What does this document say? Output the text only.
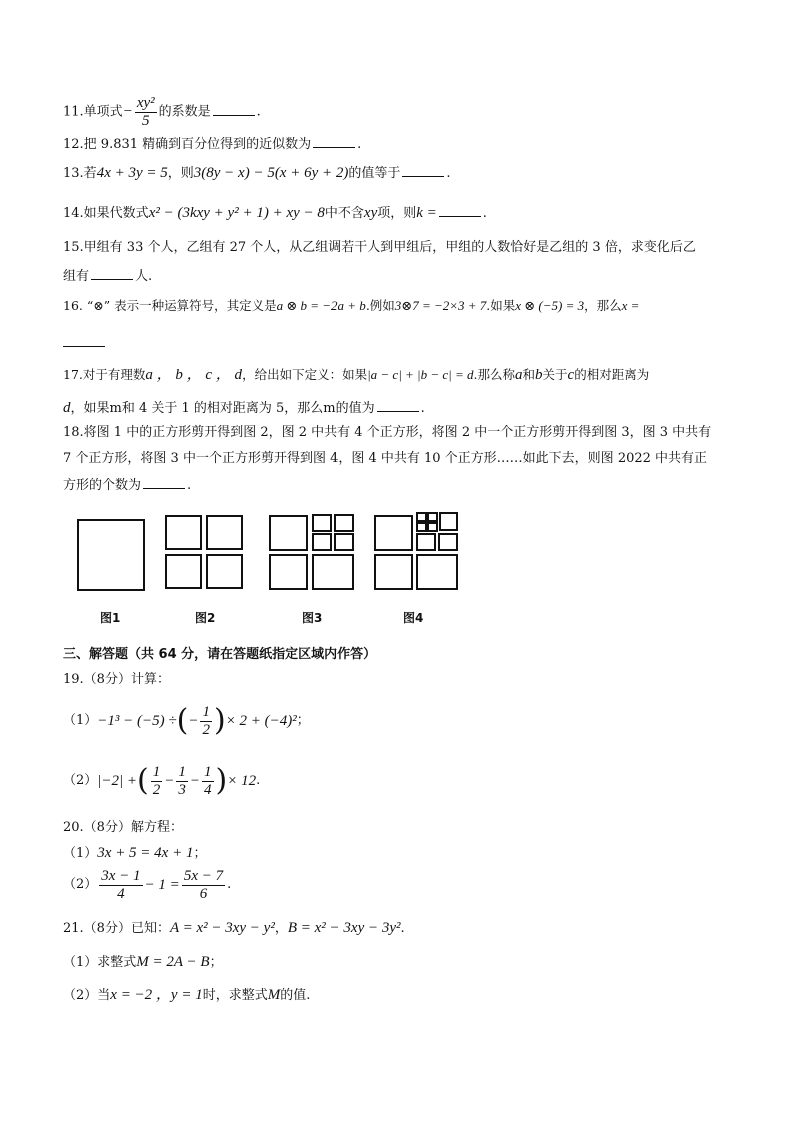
11.单项式− $\frac{\text{xy²}}{5}$ 的系数是	.
12.把 9.831 精确到百分位得到的近似数为	.
13.若4x + 3y = 5，则3(8y − x) − 5(x + 6y + 2)的值等于	.
14.如果代数式x² − (3kxy + y² + 1) + xy − 8中不含xy项，则k =	.
15.甲组有 33 个人，乙组有 27 个人，从乙组调若干人到甲组后，甲组的人数恰好是乙组的 3 倍，求变化后乙
组有	人.
16. “⊗” 表示一种运算符号，其定义是a ⊗ b = −2a + b.例如3⊗7 = −2×3 + 7.如果x ⊗ (−5) = 3，那么x =
17.对于有理数a ， b ， c ， d，给出如下定义：如果|a − c| + |b − c| = d.那么称a和b关于c的相对距离为
d，如果m和 4 关于 1 的相对距离为 5，那么m的值为	.
18.将图 1 中的正方形剪开得到图 2，图 2 中共有 4 个正方形，将图 2 中一个正方形剪开得到图 3，图 3 中共有
7 个正方形，将图 3 中一个正方形剪开得到图 4，图 4 中共有 10 个正方形……如此下去，则图 2022 中共有正
方形的个数为	.
图1	图2	图3	图4
三、解答题（共 64 分，请在答题纸指定区域内作答）
19.（8分）计算：
（1） −1³ − (−5) ÷ ( − $\frac{1}{2}$ ) × 2 + (−4)² ；
（2） |−2| + ( $\frac{1}{2} - \frac{1}{3} - \frac{1}{4}$ ) × 12 .
20.（8分）解方程：
（1）3x + 5 = 4x + 1；
$(2) \frac{3x - 1}{4} - 1 = \frac{5x - 7}{6}$ .
21.（8分）已知：A = x² − 3xy − y²，B = x² − 3xy − 3y².
（1）求整式M = 2A − B；
（2）当x = −2 ，y = 1时，求整式M的值.
